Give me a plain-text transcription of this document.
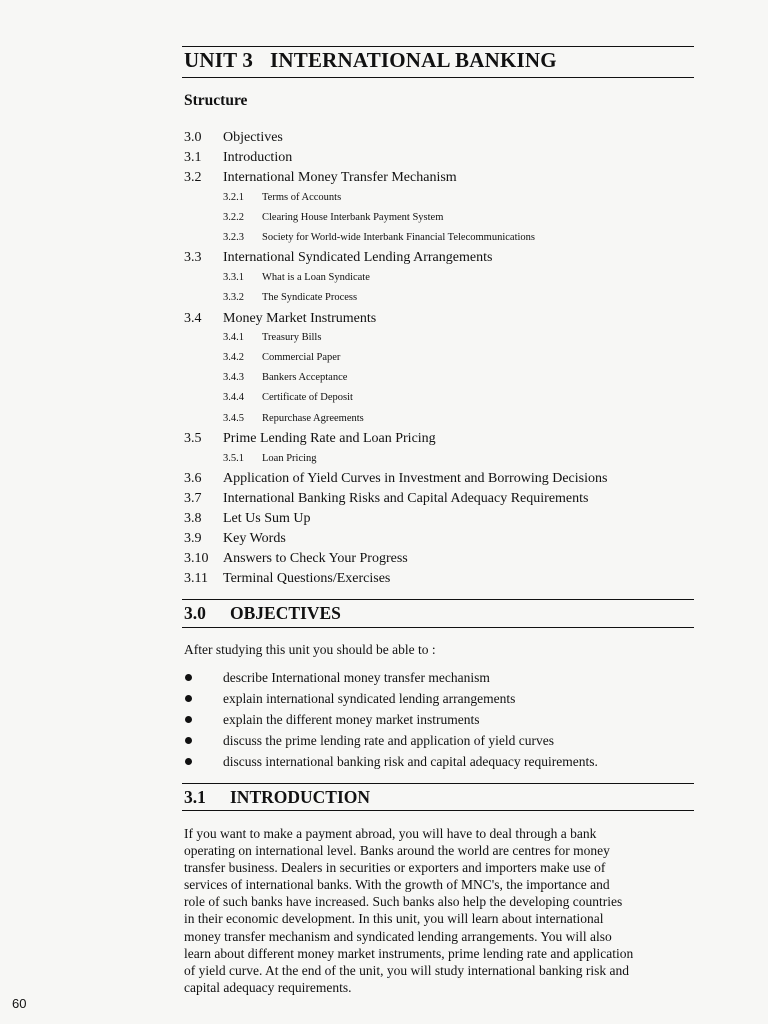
UNIT 3 INTERNATIONAL BANKING
Structure
3.0 Objectives
3.1 Introduction
3.2 International Money Transfer Mechanism
3.2.1 Terms of Accounts
3.2.2 Clearing House Interbank Payment System
3.2.3 Society for World-wide Interbank Financial Telecommunications
3.3 International Syndicated Lending Arrangements
3.3.1 What is a Loan Syndicate
3.3.2 The Syndicate Process
3.4 Money Market Instruments
3.4.1 Treasury Bills
3.4.2 Commercial Paper
3.4.3 Bankers Acceptance
3.4.4 Certificate of Deposit
3.4.5 Repurchase Agreements
3.5 Prime Lending Rate and Loan Pricing
3.5.1 Loan Pricing
3.6 Application of Yield Curves in Investment and Borrowing Decisions
3.7 International Banking Risks and Capital Adequacy Requirements
3.8 Let Us Sum Up
3.9 Key Words
3.10 Answers to Check Your Progress
3.11 Terminal Questions/Exercises
3.0 OBJECTIVES
After studying this unit you should be able to :
describe International money transfer mechanism
explain international syndicated lending arrangements
explain the different money market instruments
discuss the prime lending rate and application of yield curves
discuss international banking risk and capital adequacy requirements.
3.1 INTRODUCTION
If you want to make a payment abroad, you will have to deal through a bank
operating on international level. Banks around the world are centres for money
transfer business. Dealers in securities or exporters and importers make use of
services of international banks. With the growth of MNC's, the importance and
role of such banks have increased. Such banks also help the developing countries
in their economic development. In this unit, you will learn about international
money transfer mechanism and syndicated lending arrangements. You will also
learn about different money market instruments, prime lending rate and application
of yield curve. At the end of the unit, you will study international banking risk and
capital adequacy requirements.
60
